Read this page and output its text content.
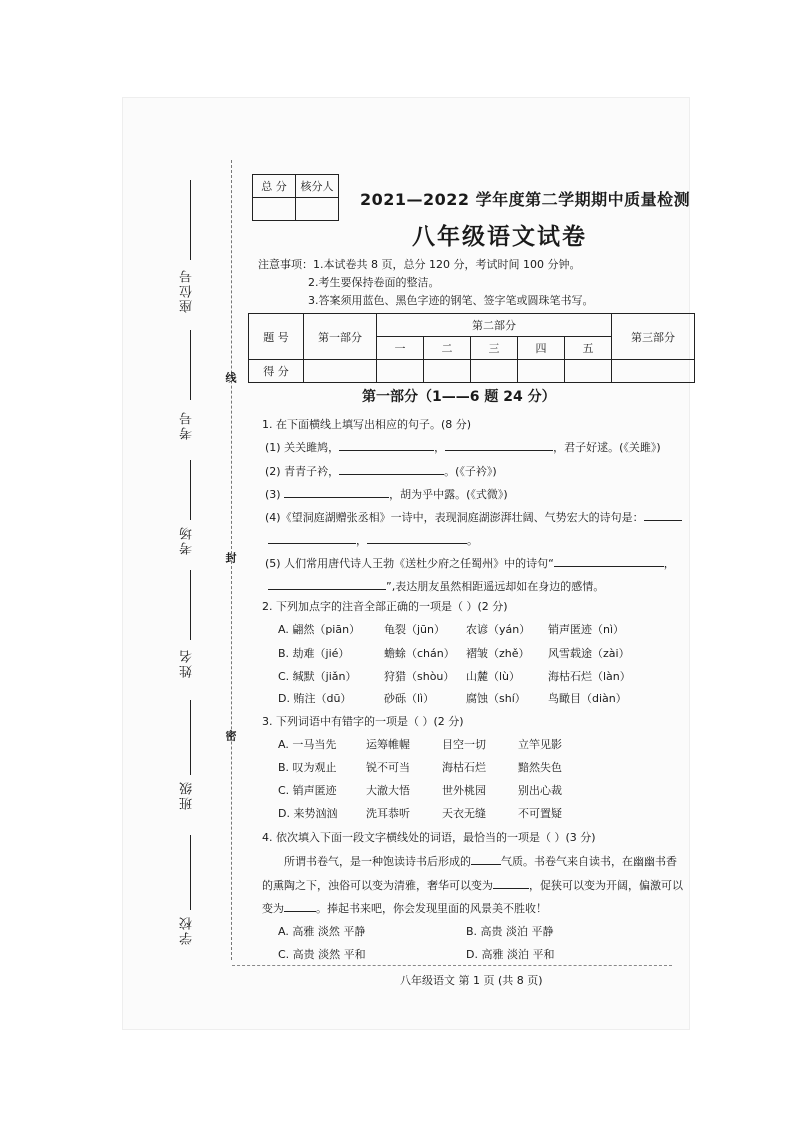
座位号
考号
考场
姓名
班级
学校
线
封
密
总 分	核分人

2021—2022 学年度第二学期期中质量检测
八年级语文试卷
注意事项：1.本试卷共 8 页，总分 120 分，考试时间 100 分钟。
2.考生要保持卷面的整洁。
3.答案须用蓝色、黑色字迹的钢笔、签字笔或圆珠笔书写。
题 号	第一部分	第二部分					第三部分
		一	二	三	四	五	
得 分							
第一部分（1——6 题 24 分）
1. 在下面横线上填写出相应的句子。(8 分)
(1) 关关雎鸠，	，	，君子好逑。(《关雎》)
(2) 青青子衿，	。(《子衿》)
(3)	，胡为乎中露。(《式微》)
(4)《望洞庭湖赠张丞相》一诗中，表现洞庭湖澎湃壮阔、气势宏大的诗句是：
，	。
(5) 人们常用唐代诗人王勃《送杜少府之任蜀州》中的诗句“	，
”,表达朋友虽然相距遥远却如在身边的感情。
2. 下列加点字的注音全部正确的一项是（ ）(2 分)
A. 翩然（piān） 龟裂（jūn） 农谚（yán） 销声匿迹（nì）
B. 劫难（jié）	蟾蜍（chán） 褶皱（zhě） 风雪载途（zài）
C. 缄默（jiǎn）	狩猎（shòu） 山麓（lù）	海枯石烂（làn）
D. 贿注（dū）	砂砾（lì）	腐蚀（shí） 鸟瞰目（diàn）
3. 下列词语中有错字的一项是（ ）(2 分)
A. 一马当先	运筹帷幄	目空一切	立竿见影
B. 叹为观止	锐不可当	海枯石烂	黯然失色
C. 销声匿迹	大澈大悟	世外桃园	别出心裁
D. 来势汹汹	洗耳恭听	天衣无缝	不可置疑
4. 依次填入下面一段文字横线处的词语，最恰当的一项是（ ）(3 分)
所谓书卷气，是一种饱读诗书后形成的	气质。书卷气来自读书，在幽幽书香
的熏陶之下，浊俗可以变为清雅，奢华可以变为	，促狭可以变为开阔，偏激可以
变为	。捧起书来吧，你会发现里面的风景美不胜收！
A. 高雅 淡然 平静	B. 高贵 淡泊 平静
C. 高贵 淡然 平和	D. 高雅 淡泊 平和
八年级语文 第 1 页 (共 8 页)
